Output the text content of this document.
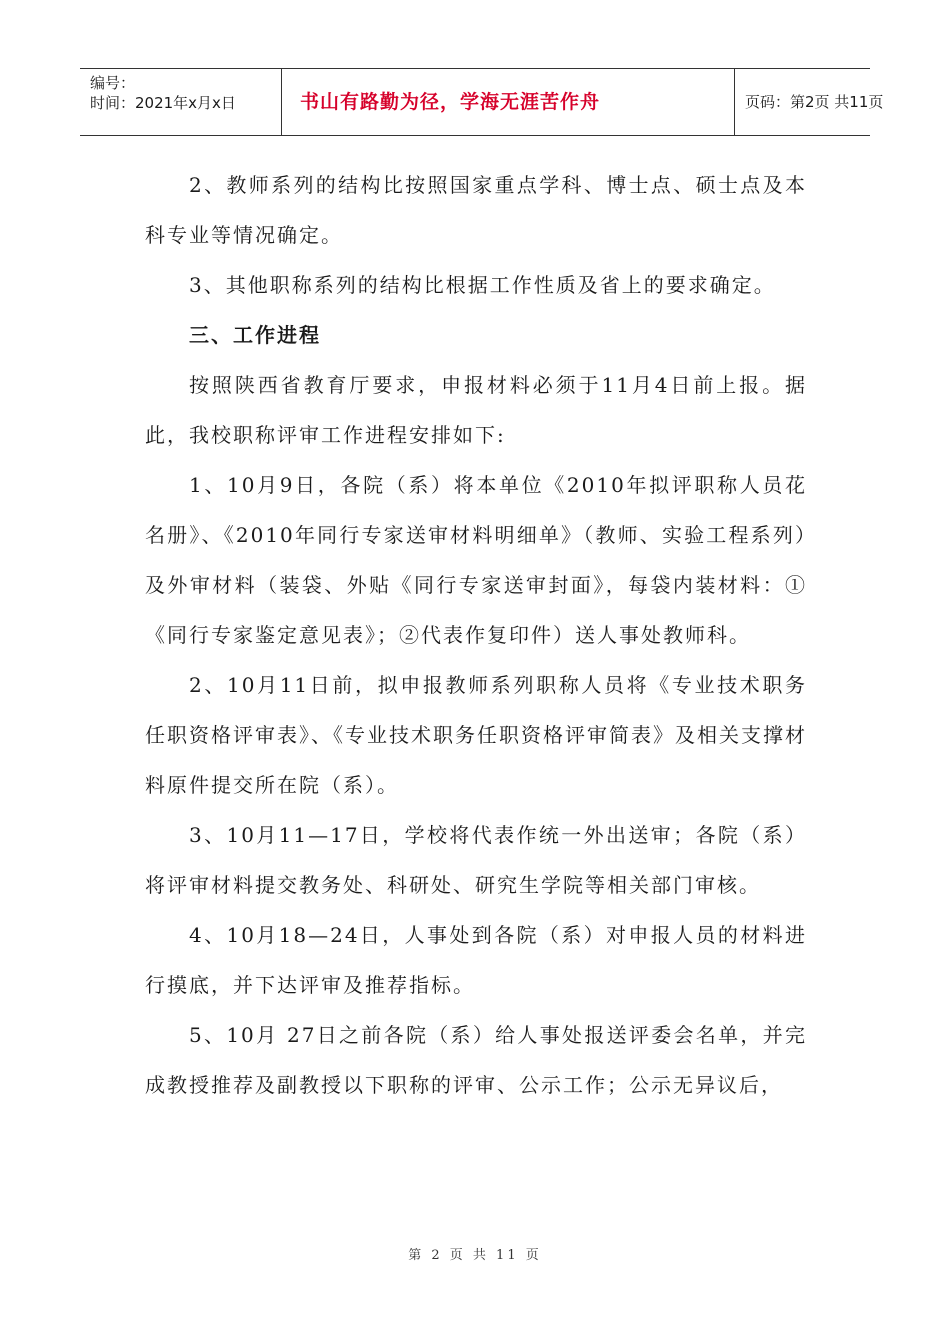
编号：
时间：2021年x月x日	书山有路勤为径，学海无涯苦作舟	页码：第2页 共11页

2、教师系列的结构比按照国家重点学科、博士点、硕士点及本科专业等情况确定。

3、其他职称系列的结构比根据工作性质及省上的要求确定。

三、工作进程

按照陕西省教育厅要求，申报材料必须于11月4日前上报。据此，我校职称评审工作进程安排如下:

1、10月9日，各院（系）将本单位《2010年拟评职称人员花名册》、《2010年同行专家送审材料明细单》（教师、实验工程系列）及外审材料（装袋、外贴《同行专家送审封面》，每袋内装材料：①《同行专家鉴定意见表》；②代表作复印件）送人事处教师科。

2、10月11日前，拟申报教师系列职称人员将《专业技术职务任职资格评审表》、《专业技术职务任职资格评审简表》及相关支撑材料原件提交所在院（系）。

3、10月11—17日，学校将代表作统一外出送审；各院（系）将评审材料提交教务处、科研处、研究生学院等相关部门审核。

4、10月18—24日，人事处到各院（系）对申报人员的材料进行摸底，并下达评审及推荐指标。

5、10月 27日之前各院（系）给人事处报送评委会名单，并完成教授推荐及副教授以下职称的评审、公示工作；公示无异议后，

第 2 页 共 11 页
